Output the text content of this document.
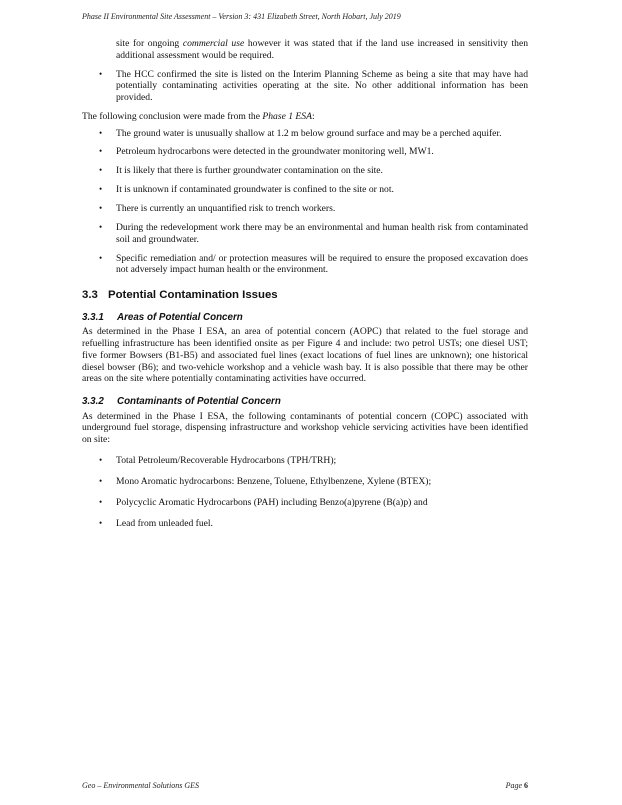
Phase II Environmental Site Assessment – Version 3: 431 Elizabeth Street, North Hobart, July 2019
site for ongoing commercial use however it was stated that if the land use increased in sensitivity then additional assessment would be required.
•	The HCC confirmed the site is listed on the Interim Planning Scheme as being a site that may have had potentially contaminating activities operating at the site. No other additional information has been provided.

The following conclusion were made from the Phase 1 ESA:

•	The ground water is unusually shallow at 1.2 m below ground surface and may be a perched aquifer.
•	Petroleum hydrocarbons were detected in the groundwater monitoring well, MW1.
•	It is likely that there is further groundwater contamination on the site.
•	It is unknown if contaminated groundwater is confined to the site or not.
•	There is currently an unquantified risk to trench workers.
•	During the redevelopment work there may be an environmental and human health risk from contaminated soil and groundwater.
•	Specific remediation and/ or protection measures will be required to ensure the proposed excavation does not adversely impact human health or the environment.
3.3 Potential Contamination Issues
3.3.1 Areas of Potential Concern

As determined in the Phase I ESA, an area of potential concern (AOPC) that related to the fuel storage and refuelling infrastructure has been identified onsite as per Figure 4 and include: two petrol USTs; one diesel UST; five former Bowsers (B1-B5) and associated fuel lines (exact locations of fuel lines are unknown); one historical diesel bowser (B6); and two-vehicle workshop and a vehicle wash bay. It is also possible that there may be other areas on the site where potentially contaminating activities have occurred.

3.3.2 Contaminants of Potential Concern

As determined in the Phase I ESA, the following contaminants of potential concern (COPC) associated with underground fuel storage, dispensing infrastructure and workshop vehicle servicing activities have been identified on site:

•	Total Petroleum/Recoverable Hydrocarbons (TPH/TRH);
•	Mono Aromatic hydrocarbons: Benzene, Toluene, Ethylbenzene, Xylene (BTEX);
•	Polycyclic Aromatic Hydrocarbons (PAH) including Benzo(a)pyrene (B(a)p) and
•	Lead from unleaded fuel.
Geo – Environmental Solutions GES	Page 6
